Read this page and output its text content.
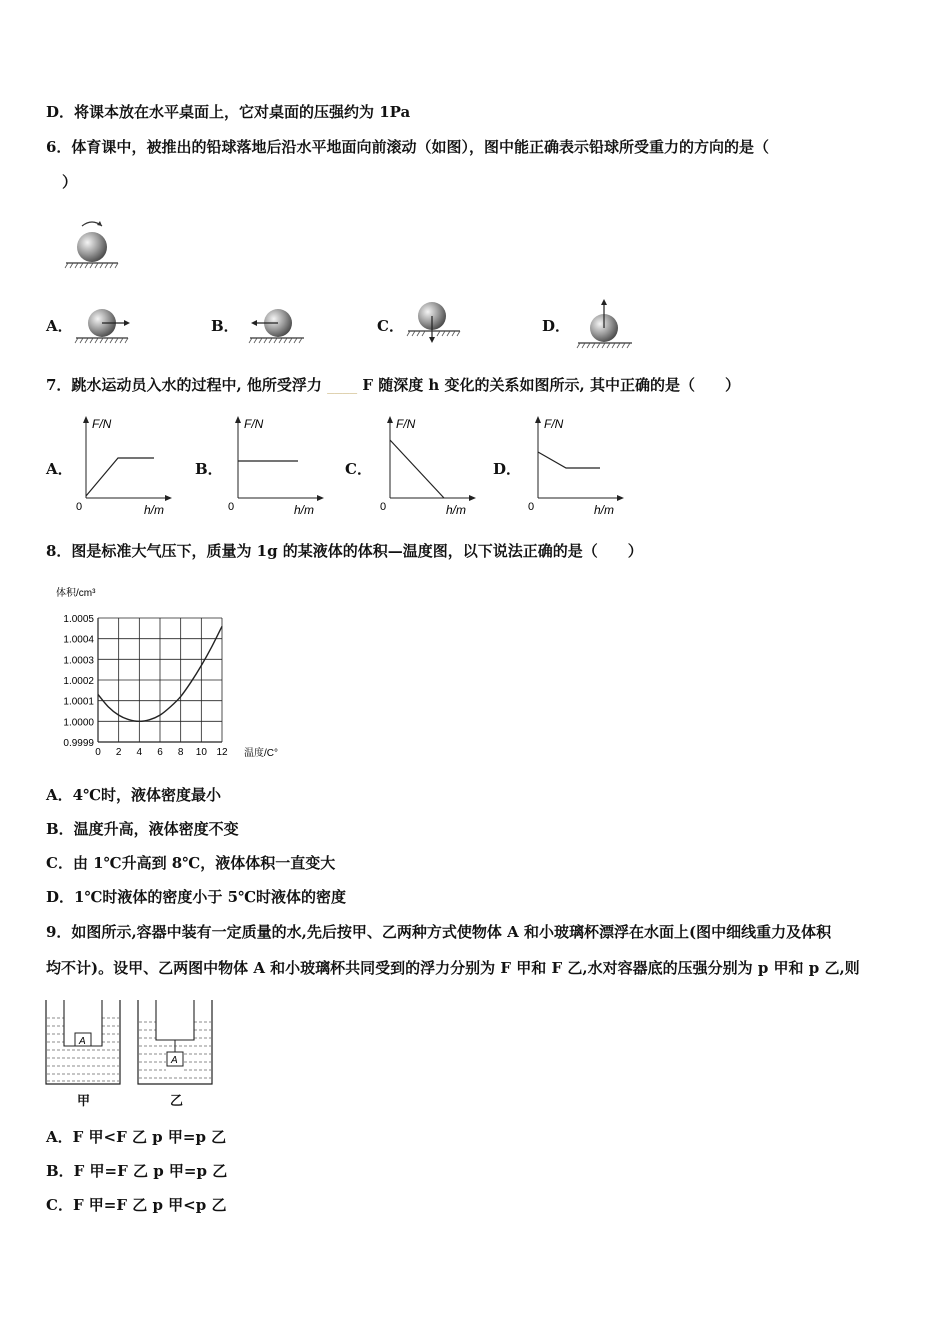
D．将课本放在水平桌面上，它对桌面的压强约为 1Pa
6．体育课中，被推出的铅球落地后沿水平地面向前滚动（如图），图中能正确表示铅球所受重力的方向的是（
）
A．	B．	C．	D．
7．跳水运动员入水的过程中, 他所受浮力 ____ F 随深度 h 变化的关系如图所示, 其中正确的是（　　）
A．	B．	C．	D．
F/N
0	h/m
F/N
0	h/m
F/N
0	h/m
F/N
0	h/m
8．图是标准大气压下，质量为 1g 的某液体的体积—温度图，以下说法正确的是（　　）
0.9999
1.0000
1.0001
1.0002
1.0003
1.0004
1.0005
0 2 4 6 8 10 12
体积/cm³
温度/C°
A．4℃时，液体密度最小
B．温度升高，液体密度不变
C．由 1℃升高到 8℃，液体体积一直变大
D．1℃时液体的密度小于 5℃时液体的密度
9．如图所示,容器中装有一定质量的水,先后按甲、乙两种方式使物体 A 和小玻璃杯漂浮在水面上(图中细线重力及体积
均不计)。设甲、乙两图中物体 A 和小玻璃杯共同受到的浮力分别为 F 甲和 F 乙,水对容器底的压强分别为 p 甲和 p 乙,则
A
甲
A
乙
A．F 甲<F 乙 p 甲=p 乙
B．F 甲=F 乙 p 甲=p 乙
C．F 甲=F 乙 p 甲<p 乙
